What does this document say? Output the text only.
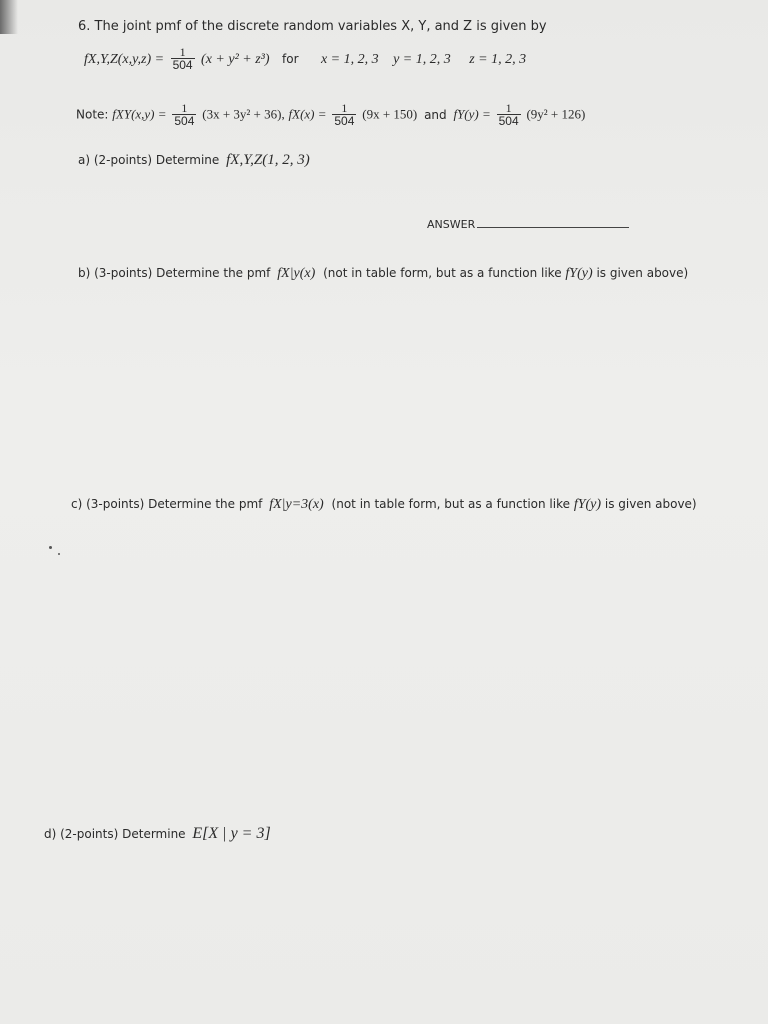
6. The joint pmf of the discrete random variables X, Y, and Z is given by
$fX,Y,Z(x,y,z) = \frac{1}{504} (x + y^2 + z^3)$ for x = 1, 2, 3 y = 1, 2, 3 z = 1, 2, 3
Note: $fXY(x,y) = \frac{1}{504} (3x + 3y^2 + 36)$, $fX(x) = \frac{1}{504} (9x + 150)$ and $fY(y) = \frac{1}{504} (9y^2 + 126)$
a) (2-points) Determine fX,Y,Z(1, 2, 3)
ANSWER
b) (3-points) Determine the pmf fX|y(x) (not in table form, but as a function like fY(y) is given above)
c) (3-points) Determine the pmf fX|y=3(x) (not in table form, but as a function like fY(y) is given above)
d) (2-points) Determine E[X | y = 3]
